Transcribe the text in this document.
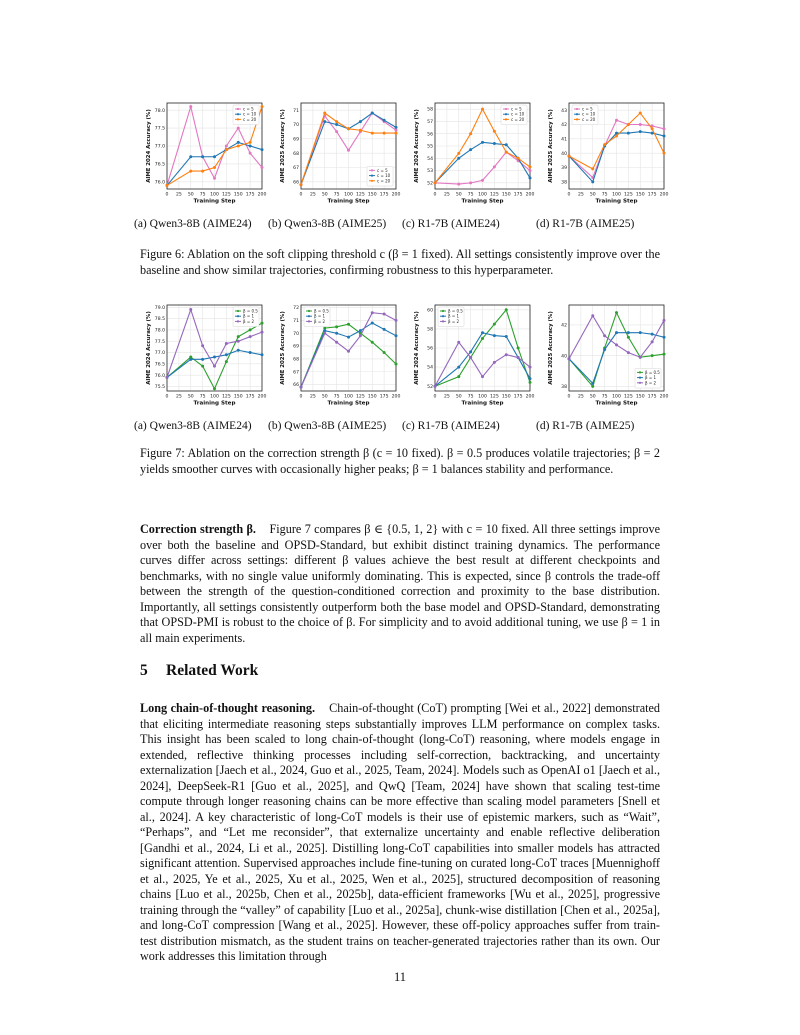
0 25 50 75 100 125 150 175 200
76.0
76.5
77.0
77.5
78.0
Training Step
AIME 2024 Accuracy (%)
c = 5
c = 10
c = 20
(a) Qwen3-8B (AIME24)
0 25 50 75 100 125 150 175 200
66
67
68
69
70
71
Training Step
AIME 2025 Accuracy (%)	c = 5
c = 10
c = 20
(b) Qwen3-8B (AIME25)
0 25 50 75 100 125 150 175 200
52
53
54
55
56
57
58
Training Step
AIME 2024 Accuracy (%)
c = 5
c = 10
c = 20
(c) R1-7B (AIME24)
0 25 50 75 100 125 150 175 200
38
39
40
41
42
43
Training Step
AIME 2025 Accuracy (%)
c = 5
c = 10
c = 20
(d) R1-7B (AIME25)
Figure 6: Ablation on the soft clipping threshold c (β = 1 fixed). All settings consistently improve over the baseline and show similar trajectories, confirming robustness to this hyperparameter.
0 25 50 75 100 125 150 175 200
75.5
76.0
76.5
77.0
77.5
78.0
78.5
79.0
Training Step
AIME 2024 Accuracy (%)
β = 0.5
β = 1
β = 2
(a) Qwen3-8B (AIME24)
0 25 50 75 100 125 150 175 200
66
67
68
69
70
71
72
Training Step
AIME 2025 Accuracy (%)
β = 0.5
β = 1
β = 2
(b) Qwen3-8B (AIME25)
0 25 50 75 100 125 150 175 200
52
54
56
58
60
Training Step
AIME 2024 Accuracy (%)
β = 0.5
β = 1
β = 2
(c) R1-7B (AIME24)
0 25 50 75 100 125 150 175 200
38
40
42
Training Step
AIME 2025 Accuracy (%)	β = 0.5
β = 1
β = 2
(d) R1-7B (AIME25)
Figure 7: Ablation on the correction strength β (c = 10 fixed). β = 0.5 produces volatile trajectories; β = 2 yields smoother curves with occasionally higher peaks; β = 1 balances stability and performance.
Correction strength β. Figure 7 compares β ∈ {0.5, 1, 2} with c = 10 fixed. All three settings improve over both the baseline and OPSD-Standard, but exhibit distinct training dynamics. The performance curves differ across settings: different β values achieve the best result at different checkpoints and benchmarks, with no single value uniformly dominating. This is expected, since β controls the trade-off between the strength of the question-conditioned correction and proximity to the base distribution. Importantly, all settings consistently outperform both the base model and OPSD-Standard, demonstrating that OPSD-PMI is robust to the choice of β. For simplicity and to avoid additional tuning, we use β = 1 in all main experiments.
5 Related Work
Long chain-of-thought reasoning. Chain-of-thought (CoT) prompting [Wei et al., 2022] demonstrated that eliciting intermediate reasoning steps substantially improves LLM performance on complex tasks. This insight has been scaled to long chain-of-thought (long-CoT) reasoning, where models engage in extended, reflective thinking processes including self-correction, backtracking, and uncertainty externalization [Jaech et al., 2024, Guo et al., 2025, Team, 2024]. Models such as OpenAI o1 [Jaech et al., 2024], DeepSeek-R1 [Guo et al., 2025], and QwQ [Team, 2024] have shown that scaling test-time compute through longer reasoning chains can be more effective than scaling model parameters [Snell et al., 2024]. A key characteristic of long-CoT models is their use of epistemic markers, such as “Wait”, “Perhaps”, and “Let me reconsider”, that externalize uncertainty and enable reflective deliberation [Gandhi et al., 2024, Li et al., 2025]. Distilling long-CoT capabilities into smaller models has attracted significant attention. Supervised approaches include fine-tuning on curated long-CoT traces [Muennighoff et al., 2025, Ye et al., 2025, Xu et al., 2025, Wen et al., 2025], structured decomposition of reasoning chains [Luo et al., 2025b, Chen et al., 2025b], data-efficient frameworks [Wu et al., 2025], progressive training through the “valley” of capability [Luo et al., 2025a], chunk-wise distillation [Chen et al., 2025a], and long-CoT compression [Wang et al., 2025]. However, these off-policy approaches suffer from train-test distribution mismatch, as the student trains on teacher-generated trajectories rather than its own. Our work addresses this limitation through
11
